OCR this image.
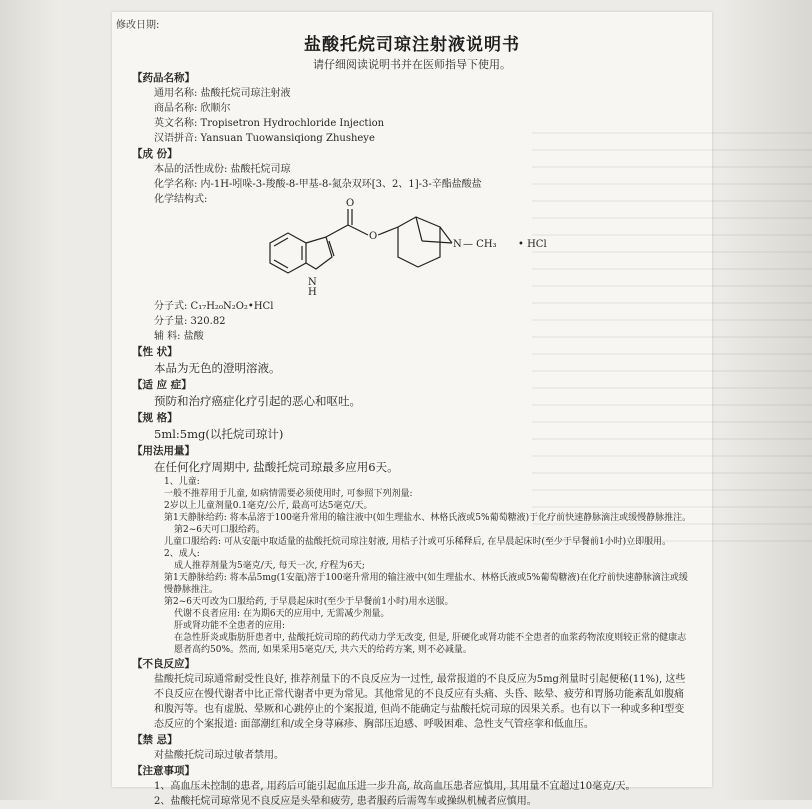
修改日期:
盐酸托烷司琼注射液说明书
请仔细阅读说明书并在医师指导下使用。
【药品名称】
通用名称: 盐酸托烷司琼注射液
商品名称: 欣顺尔
英文名称: Tropisetron Hydrochloride Injection
汉语拼音: Yansuan Tuowansiqiong Zhusheye
【成 份】
本品的活性成份: 盐酸托烷司琼
化学名称: 内-1H-吲哚-3-羧酸-8-甲基-8-氮杂双环[3、2、1]-3-辛酯盐酸盐
化学结构式:
N
H
O
O
N — CH₃ • HCl
分子式: C₁₇H₂₀N₂O₂•HCl
分子量: 320.82
辅 料: 盐酸
【性 状】
本品为无色的澄明溶液。
【适 应 症】
预防和治疗癌症化疗引起的恶心和呕吐。
【规 格】
5ml:5mg(以托烷司琼计)
【用法用量】
在任何化疗周期中, 盐酸托烷司琼最多应用6天。
1、儿童:
一般不推荐用于儿童, 如病情需要必须使用时, 可参照下列剂量:
2岁以上儿童剂量0.1毫克/公斤, 最高可达5毫克/天。
第1天静脉给药: 将本品溶于100毫升常用的输注液中(如生理盐水、林格氏液或5%葡萄糖液)于化疗前快速静脉滴注或缓慢静脉推注。
第2~6天可口服给药。
儿童口服给药: 可从安瓿中取适量的盐酸托烷司琼注射液, 用桔子汁或可乐稀释后, 在早晨起床时(至少于早餐前1小时)立即服用。
2、成人:
成人推荐剂量为5毫克/天, 每天一次, 疗程为6天;
第1天静脉给药: 将本品5mg(1安瓿)溶于100毫升常用的输注液中(如生理盐水、林格氏液或5%葡萄糖液)在化疗前快速静脉滴注或缓慢静脉推注。
第2~6天可改为口服给药, 于早晨起床时(至少于早餐前1小时)用水送服。
代谢不良者应用: 在为期6天的应用中, 无需减少剂量。
肝或肾功能不全患者的应用:
在急性肝炎或脂肪肝患者中, 盐酸托烷司琼的药代动力学无改变, 但是, 肝硬化或肾功能不全患者的血浆药物浓度则较正常的健康志愿者高约50%。然而, 如果采用5毫克/天, 共六天的给药方案, 则不必减量。
【不良反应】
盐酸托烷司琼通常耐受性良好, 推荐剂量下的不良反应为一过性, 最常报道的不良反应为5mg剂量时引起便秘(11%), 这些不良反应在慢代谢者中比正常代谢者中更为常见。其他常见的不良反应有头痛、头昏、眩晕、疲劳和胃肠功能紊乱如腹痛和腹泻等。也有虚脱、晕厥和心跳停止的个案报道, 但尚不能确定与盐酸托烷司琼的因果关系。也有以下一种或多种I型变态反应的个案报道: 面部潮红和/或全身荨麻疹、胸部压迫感、呼吸困难、急性支气管痉挛和低血压。
【禁 忌】
对盐酸托烷司琼过敏者禁用。
【注意事项】
1、高血压未控制的患者, 用药后可能引起血压进一步升高, 故高血压患者应慎用, 其用量不宜超过10毫克/天。
2、盐酸托烷司琼常见不良反应是头晕和疲劳, 患者服药后需驾车或操纵机械者应慎用。
